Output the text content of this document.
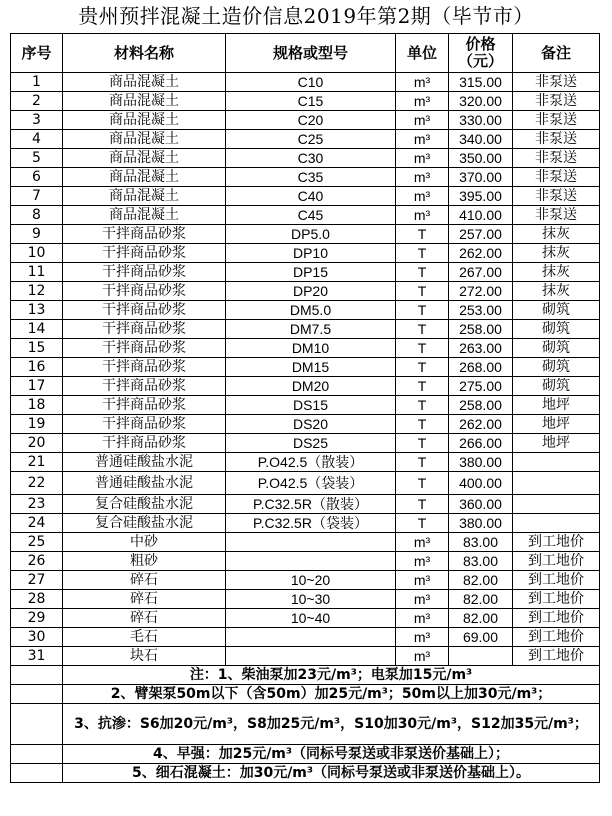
贵州预拌混凝土造价信息2019年第2期（毕节市）
序号	材料名称	规格或型号	单位	价格（元）	备注
1	商品混凝土	C10	m³	315.00	非泵送
2	商品混凝土	C15	m³	320.00	非泵送
3	商品混凝土	C20	m³	330.00	非泵送
4	商品混凝土	C25	m³	340.00	非泵送
5	商品混凝土	C30	m³	350.00	非泵送
6	商品混凝土	C35	m³	370.00	非泵送
7	商品混凝土	C40	m³	395.00	非泵送
8	商品混凝土	C45	m³	410.00	非泵送
9	干拌商品砂浆	DP5.0	T	257.00	抹灰
10	干拌商品砂浆	DP10	T	262.00	抹灰
11	干拌商品砂浆	DP15	T	267.00	抹灰
12	干拌商品砂浆	DP20	T	272.00	抹灰
13	干拌商品砂浆	DM5.0	T	253.00	砌筑
14	干拌商品砂浆	DM7.5	T	258.00	砌筑
15	干拌商品砂浆	DM10	T	263.00	砌筑
16	干拌商品砂浆	DM15	T	268.00	砌筑
17	干拌商品砂浆	DM20	T	275.00	砌筑
18	干拌商品砂浆	DS15	T	258.00	地坪
19	干拌商品砂浆	DS20	T	262.00	地坪
20	干拌商品砂浆	DS25	T	266.00	地坪
21	普通硅酸盐水泥	P.O42.5（散装）	T	380.00	
22	普通硅酸盐水泥	P.O42.5（袋装）	T	400.00	
23	复合硅酸盐水泥	P.C32.5R（散装）	T	360.00	
24	复合硅酸盐水泥	P.C32.5R（袋装）	T	380.00	
25	中砂		m³	83.00	到工地价
26	粗砂		m³	83.00	到工地价
27	碎石	10~20	m³	82.00	到工地价
28	碎石	10~30	m³	82.00	到工地价
29	碎石	10~40	m³	82.00	到工地价
30	毛石		m³	69.00	到工地价
31	块石		m³		到工地价
	注：1、柴油泵加23元/m³；电泵加15元/m³				
	2、臂架泵50m以下（含50m）加25元/m³；50m以上加30元/m³；				
	3、抗渗：S6加20元/m³，S8加25元/m³，S10加30元/m³，S12加35元/m³；				
	4、早强：加25元/m³（同标号泵送或非泵送价基础上）；				
	5、细石混凝土：加30元/m³（同标号泵送或非泵送价基础上）。				
